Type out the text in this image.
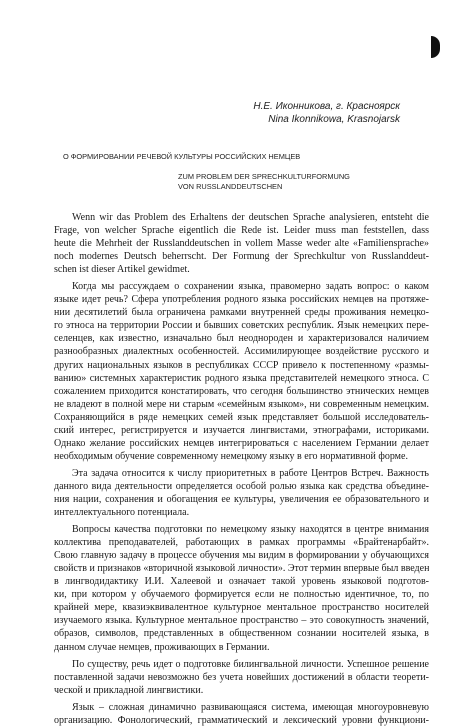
Н.Е. Иконникова, г. Красноярск
Nina Ikonnikowa, Krasnojarsk
О ФОРМИРОВАНИИ РЕЧЕВОЙ КУЛЬТУРЫ РОССИЙСКИХ НЕМЦЕВ
ZUM PROBLEM DER SPRECHKULTURFORMUNG
VON RUSSLANDDEUTSCHEN

Wenn wir das Problem des Erhaltens der deutschen Sprache analysieren, entsteht die
Frage, von welcher Sprache eigentlich die Rede ist. Leider muss man feststellen, dass
heute die Mehrheit der Russlanddeutschen in vollem Masse weder alte «Familiensprache»
noch modernes Deutsch beherrscht. Der Formung der Sprechkultur von Russlanddeut-
schen ist dieser Artikel gewidmet.

Когда мы рассуждаем о сохранении языка, правомерно задать вопрос: о каком
языке идет речь? Сфера употребления родного языка российских немцев на протяже-
нии десятилетий была ограничена рамками внутренней среды проживания немецко-
го этноса на территории России и бывших советских республик. Язык немецких пере-
селенцев, как известно, изначально был неоднороден и характеризовался наличием
разнообразных диалектных особенностей. Ассимилирующее воздействие русского и
других национальных языков в республиках СССР привело к постепенному «размы-
ванию» системных характеристик родного языка представителей немецкого этноса. С
сожалением приходится констатировать, что сегодня большинство этнических немцев
не владеют в полной мере ни старым «семейным языком», ни современным немецким.
Сохраняющийся в ряде немецких семей язык представляет большой исследователь-
ский интерес, регистрируется и изучается лингвистами, этнографами, историками.
Однако желание российских немцев интегрироваться с населением Германии делает
необходимым обучение современному немецкому языку в его нормативной форме.

Эта задача относится к числу приоритетных в работе Центров Встреч. Важность
данного вида деятельности определяется особой ролью языка как средства объедине-
ния нации, сохранения и обогащения ее культуры, увеличения ее образовательного и
интеллектуального потенциала.

Вопросы качества подготовки по немецкому языку находятся в центре внимания
коллектива преподавателей, работающих в рамках программы «Брайтенарбайт».
Свою главную задачу в процессе обучения мы видим в формировании у обучающихся
свойств и признаков «вторичной языковой личности». Этот термин впервые был введен
в лингводидактику И.И. Халеевой и означает такой уровень языковой подготов-
ки, при котором у обучаемого формируется если не полностью идентичное, то, по
крайней мере, квазиэквивалентное культурное ментальное пространство носителей
изучаемого языка. Культурное ментальное пространство – это совокупность значений,
образов, символов, представленных в общественном сознании носителей языка, в
данном случае немцев, проживающих в Германии.

По существу, речь идет о подготовке билингвальной личности. Успешное решение
поставленной задачи невозможно без учета новейших достижений в области теорети-
ческой и прикладной лингвистики.

Язык – сложная динамично развивающаяся система, имеющая многоуровневую
организацию. Фонологический, грамматический и лексический уровни функциони-
